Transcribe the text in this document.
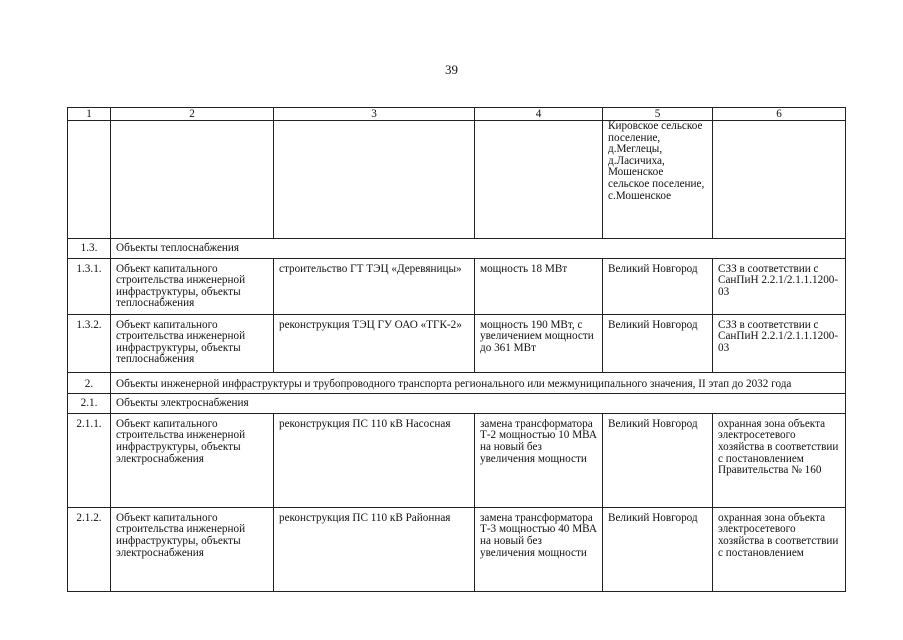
39
1	2	3	4	5	6
				Кировское сельское поселение, д.Меглецы, д.Ласичиха, Мошенское сельское поселение, с.Мошенское	
1.3.	Объекты теплоснабжения				
1.3.1.	Объект капитального строительства инженерной инфраструктуры, объекты теплоснабжения	строительство ГТ ТЭЦ «Деревяницы»	мощность 18 МВт	Великий Новгород	СЗЗ в соответствии с СанПиН 2.2.1/2.1.1.1200-03
1.3.2.	Объект капитального строительства инженерной инфраструктуры, объекты теплоснабжения	реконструкция ТЭЦ ГУ ОАО «ТГК-2»	мощность 190 МВт, с увеличением мощности до 361 МВт	Великий Новгород	СЗЗ в соответствии с СанПиН 2.2.1/2.1.1.1200-03
2.	Объекты инженерной инфраструктуры и трубопроводного транспорта регионального или межмуниципального значения, II этап до 2032 года				
2.1.	Объекты электроснабжения				
2.1.1.	Объект капитального строительства инженерной инфраструктуры, объекты электроснабжения	реконструкция ПС 110 кВ Насосная	замена трансформатора Т-2 мощностью 10 МВА на новый без увеличения мощности	Великий Новгород	охранная зона объекта электросетевого хозяйства в соответствии с постановлением Правительства № 160
2.1.2.	Объект капитального строительства инженерной инфраструктуры, объекты электроснабжения	реконструкция ПС 110 кВ Районная	замена трансформатора Т-3 мощностью 40 МВА на новый без увеличения мощности	Великий Новгород	охранная зона объекта электросетевого хозяйства в соответствии с постановлением
